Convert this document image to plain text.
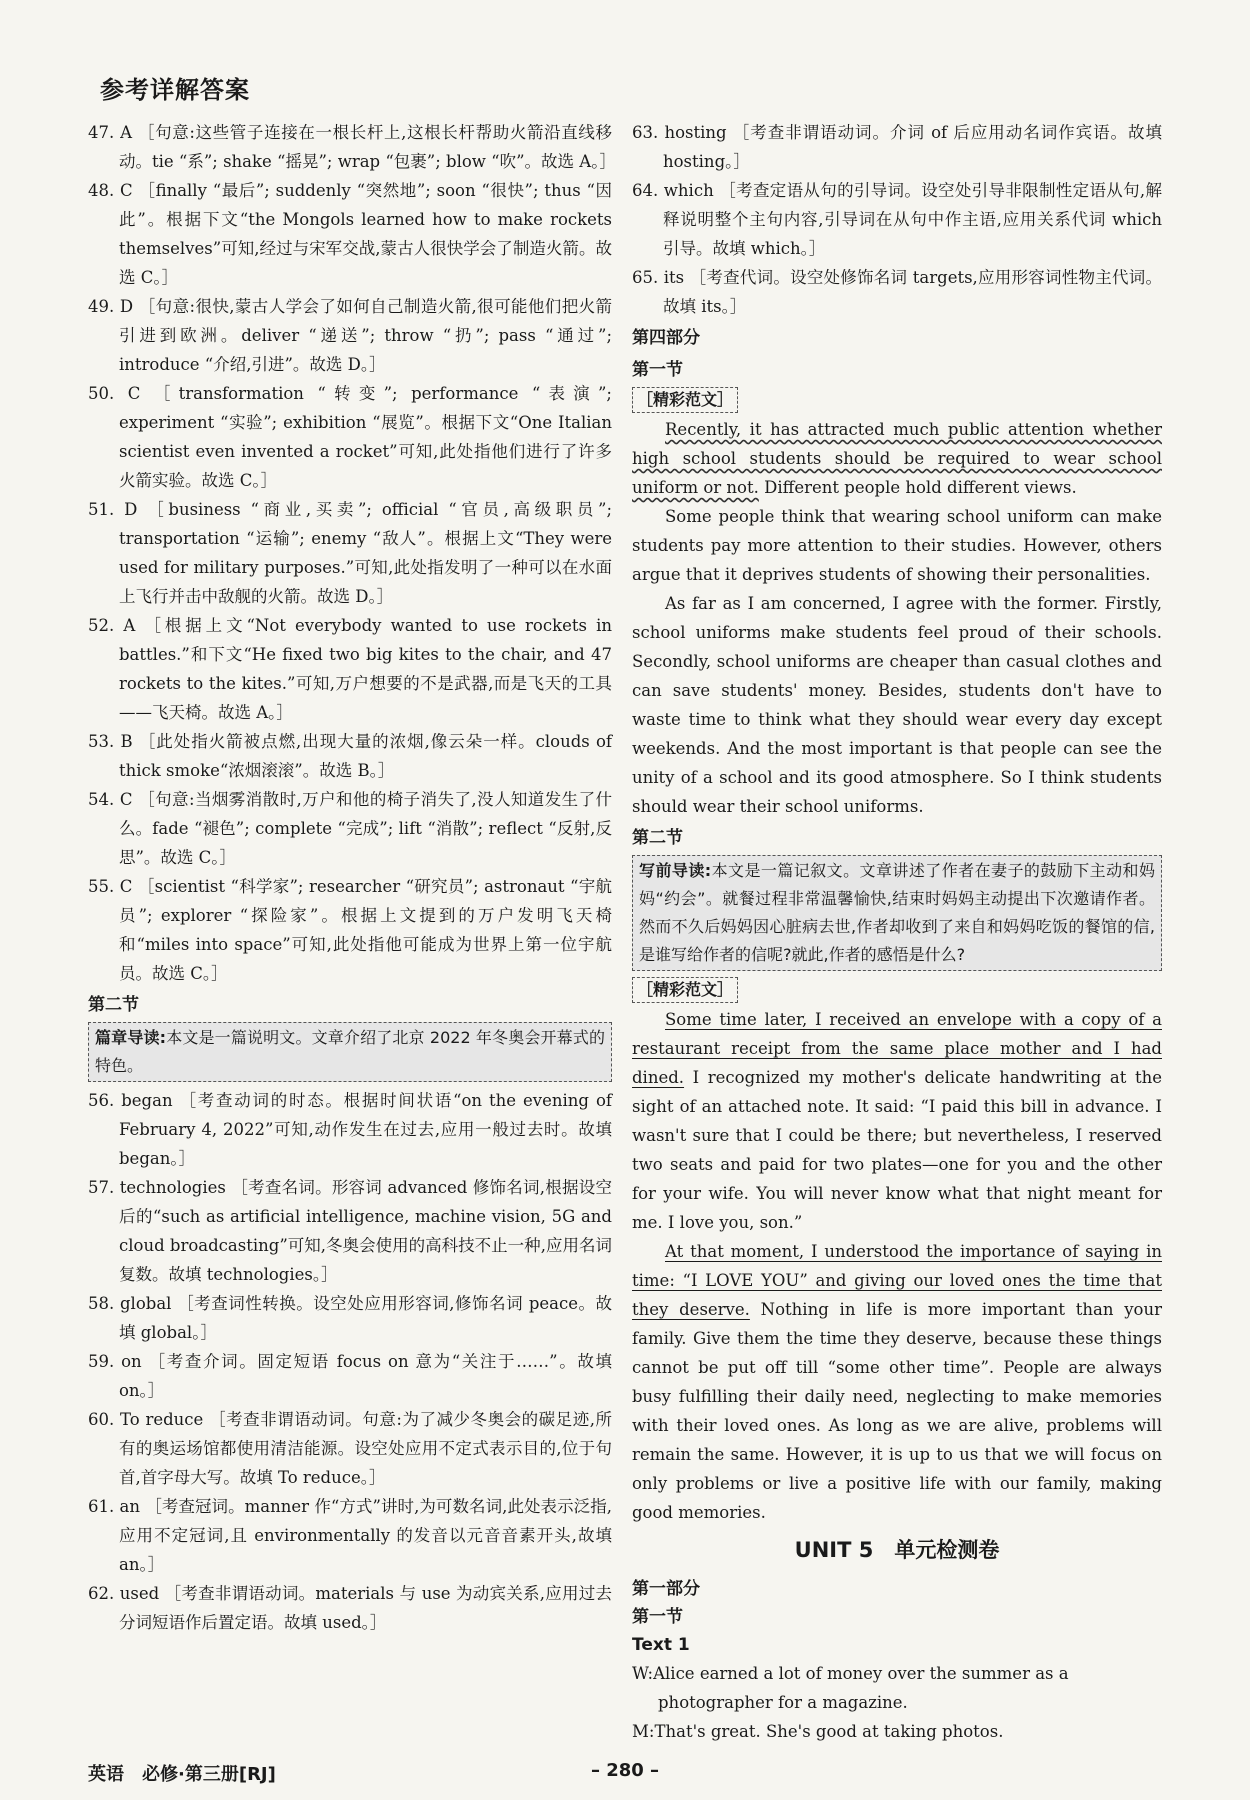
参考详解答案
47. A ［句意:这些管子连接在一根长杆上,这根长杆帮助火箭沿直线移动。tie “系”; shake “摇晃”; wrap “包裹”; blow “吹”。故选 A。］
48. C ［finally “最后”; suddenly “突然地”; soon “很快”; thus “因此”。根据下文“the Mongols learned how to make rockets themselves”可知,经过与宋军交战,蒙古人很快学会了制造火箭。故选 C。］
49. D ［句意:很快,蒙古人学会了如何自己制造火箭,很可能他们把火箭引进到欧洲。deliver “递送”; throw “扔”; pass “通过”; introduce “介绍,引进”。故选 D。］
50. C ［transformation “转变”; performance “表演”; experiment “实验”; exhibition “展览”。根据下文“One Italian scientist even invented a rocket”可知,此处指他们进行了许多火箭实验。故选 C。］
51. D ［business “商业,买卖”; official “官员,高级职员”; transportation “运输”; enemy “敌人”。根据上文“They were used for military purposes.”可知,此处指发明了一种可以在水面上飞行并击中敌舰的火箭。故选 D。］
52. A ［根据上文“Not everybody wanted to use rockets in battles.”和下文“He fixed two big kites to the chair, and 47 rockets to the kites.”可知,万户想要的不是武器,而是飞天的工具——飞天椅。故选 A。］
53. B ［此处指火箭被点燃,出现大量的浓烟,像云朵一样。clouds of thick smoke“浓烟滚滚”。故选 B。］
54. C ［句意:当烟雾消散时,万户和他的椅子消失了,没人知道发生了什么。fade “褪色”; complete “完成”; lift “消散”; reflect “反射,反思”。故选 C。］
55. C ［scientist “科学家”; researcher “研究员”; astronaut “宇航员”; explorer “探险家”。根据上文提到的万户发明飞天椅和“miles into space”可知,此处指他可能成为世界上第一位宇航员。故选 C。］
第二节
篇章导读:本文是一篇说明文。文章介绍了北京 2022 年冬奥会开幕式的特色。
56. began ［考查动词的时态。根据时间状语“on the evening of February 4, 2022”可知,动作发生在过去,应用一般过去时。故填 began。］
57. technologies ［考查名词。形容词 advanced 修饰名词,根据设空后的“such as artificial intelligence, machine vision, 5G and cloud broadcasting”可知,冬奥会使用的高科技不止一种,应用名词复数。故填 technologies。］
58. global ［考查词性转换。设空处应用形容词,修饰名词 peace。故填 global。］
59. on ［考查介词。固定短语 focus on 意为“关注于……”。故填 on。］
60. To reduce ［考查非谓语动词。句意:为了减少冬奥会的碳足迹,所有的奥运场馆都使用清洁能源。设空处应用不定式表示目的,位于句首,首字母大写。故填 To reduce。］
61. an ［考查冠词。manner 作“方式”讲时,为可数名词,此处表示泛指,应用不定冠词,且 environmentally 的发音以元音音素开头,故填 an。］
62. used ［考查非谓语动词。materials 与 use 为动宾关系,应用过去分词短语作后置定语。故填 used。］
63. hosting ［考查非谓语动词。介词 of 后应用动名词作宾语。故填 hosting。］
64. which ［考查定语从句的引导词。设空处引导非限制性定语从句,解释说明整个主句内容,引导词在从句中作主语,应用关系代词 which 引导。故填 which。］
65. its ［考查代词。设空处修饰名词 targets,应用形容词性物主代词。故填 its。］
第四部分
第一节
［精彩范文］
Recently, it has attracted much public attention whether high school students should be required to wear school uniform or not. Different people hold different views.
Some people think that wearing school uniform can make students pay more attention to their studies. However, others argue that it deprives students of showing their personalities.
As far as I am concerned, I agree with the former. Firstly, school uniforms make students feel proud of their schools. Secondly, school uniforms are cheaper than casual clothes and can save students' money. Besides, students don't have to waste time to think what they should wear every day except weekends. And the most important is that people can see the unity of a school and its good atmosphere. So I think students should wear their school uniforms.
第二节
写前导读:本文是一篇记叙文。文章讲述了作者在妻子的鼓励下主动和妈妈“约会”。就餐过程非常温馨愉快,结束时妈妈主动提出下次邀请作者。然而不久后妈妈因心脏病去世,作者却收到了来自和妈妈吃饭的餐馆的信,是谁写给作者的信呢?就此,作者的感悟是什么?
［精彩范文］
Some time later, I received an envelope with a copy of a restaurant receipt from the same place mother and I had dined. I recognized my mother's delicate handwriting at the sight of an attached note. It said: “I paid this bill in advance. I wasn't sure that I could be there; but nevertheless, I reserved two seats and paid for two plates—one for you and the other for your wife. You will never know what that night meant for me. I love you, son.”
At that moment, I understood the importance of saying in time: “I LOVE YOU” and giving our loved ones the time that they deserve. Nothing in life is more important than your family. Give them the time they deserve, because these things cannot be put off till “some other time”. People are always busy fulfilling their daily need, neglecting to make memories with their loved ones. As long as we are alive, problems will remain the same. However, it is up to us that we will focus on only problems or live a positive life with our family, making good memories.
UNIT 5　单元检测卷
第一部分
第一节
Text 1
W:Alice earned a lot of money over the summer as a photographer for a magazine.
M:That's great. She's good at taking photos.
英语　必修·第三册[RJ]	– 280 –
